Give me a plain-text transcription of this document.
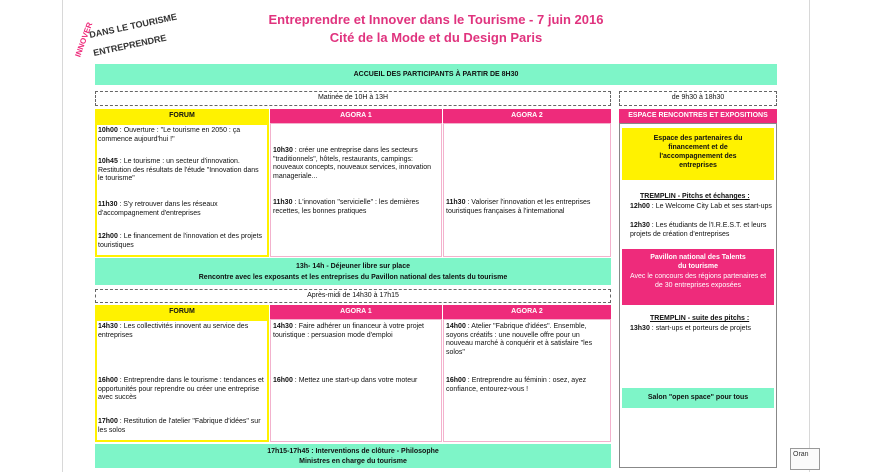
INNOVER
DANS LE TOURISME
ENTREPRENDRE
Entreprendre et Innover dans le Tourisme - 7 juin 2016
Cité de la Mode et du Design Paris
ACCUEIL DES PARTICIPANTS À PARTIR DE 8H30
Matinée de 10H à 13H	de 9h30 à 18h30
FORUM	AGORA 1	AGORA 2	ESPACE RENCONTRES ET EXPOSITIONS
10h00 : Ouverture : "Le tourisme en 2050 : ça commence aujourd'hui !"
10h45 : Le tourisme : un secteur d'innovation. Restitution des résultats de l'étude "Innovation dans le tourisme"
11h30 : S'y retrouver dans les réseaux d'accompagnement d'entreprises
12h00 : Le financement de l'innovation et des projets touristiques
10h30 : créer une entreprise dans les secteurs "traditionnels", hôtels, restaurants, campings: nouveaux concepts, nouveaux services, innovation manageriale...
11h30 : L'innovation "servicielle" : les dernières recettes, les bonnes pratiques
11h30 : Valoriser l'innovation et les entreprises touristiques françaises à l'international
13h- 14h - Déjeuner libre sur place
Rencontre avec les exposants et les entreprises du Pavillon national des talents du tourisme
Après-midi de 14h30 à 17h15
FORUM	AGORA 1	AGORA 2
14h30 : Les collectivités innovent au service des entreprises
16h00 : Entreprendre dans le tourisme : tendances et opportunités pour reprendre ou créer une entreprise avec succès
17h00 : Restitution de l'atelier "Fabrique d'idées" sur les solos
14h30 : Faire adhérer un financeur à votre projet touristique : persuasion mode d'emploi
16h00 : Mettez une start-up dans votre moteur
14h00 : Atelier "Fabrique d'idées". Ensemble, soyons créatifs : une nouvelle offre pour un nouveau marché à conquérir et à satisfaire "les solos"
16h00 : Entreprendre au féminin : osez, ayez confiance, entourez-vous !
17h15-17h45 : Interventions de clôture - Philosophe
Ministres en charge du tourisme
Espace des partenaires du financement et de l'accompagnement des entreprises
TREMPLIN - Pitchs et échanges :
12h00 : Le Welcome City Lab et ses start-ups
12h30 : Les étudiants de l'I.R.E.S.T. et leurs projets de création d'entreprises
Pavillon national des Talents du tourisme
Avec le concours des régions partenaires et de 30 entreprises exposées
TREMPLIN - suite des pitchs :
13h30 : start-ups et porteurs de projets
Salon "open space" pour tous
Oran
